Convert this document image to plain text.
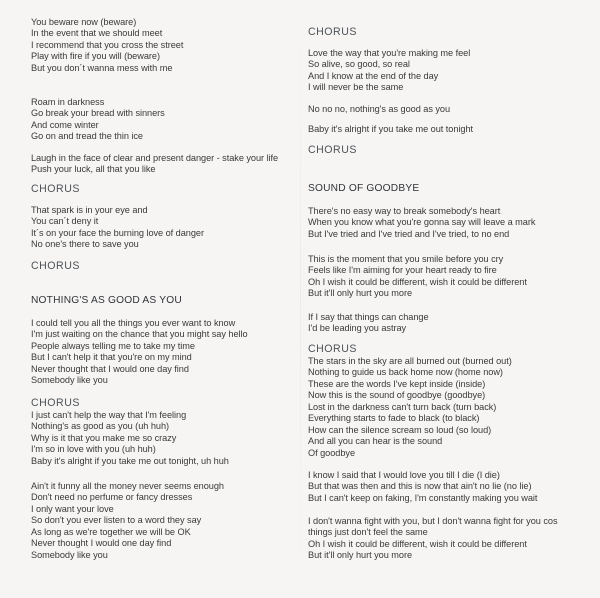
You beware now (beware)
In the event that we should meet
I recommend that you cross the street
Play with fire if you will (beware)
But you don´t wanna mess with me
Roam in darkness
Go break your bread with sinners
And come winter
Go on and tread the thin ice
Laugh in the face of clear and present danger - stake your life
Push your luck, all that you like
CHORUS
That spark is in your eye and
You can´t deny it
It´s on your face the burning love of danger
No one's there to save you
CHORUS
NOTHING'S AS GOOD AS YOU
I could tell you all the things you ever want to know
I'm just waiting on the chance that you might say hello
People always telling me to take my time
But I can't help it that you're on my mind
Never thought that I would one day find
Somebody like you
CHORUS
I just can't help the way that I'm feeling
Nothing's as good as you (uh huh)
Why is it that you make me so crazy
I'm so in love with you (uh huh)
Baby it's alright if you take me out tonight, uh huh
Ain't it funny all the money never seems enough
Don't need no perfume or fancy dresses
I only want your love
So don't you ever listen to a word they say
As long as we're together we will be OK
Never thought I would one day find
Somebody like you
CHORUS
Love the way that you're making me feel
So alive, so good, so real
And I know at the end of the day
I will never be the same
No no no, nothing's as good as you
Baby it's alright if you take me out tonight
CHORUS
SOUND OF GOODBYE
There's no easy way to break somebody's heart
When you know what you're gonna say will leave a mark
But I've tried and I've tried and I've tried, to no end
This is the moment that you smile before you cry
Feels like I'm aiming for your heart ready to fire
Oh I wish it could be different, wish it could be different
But it'll only hurt you more
If I say that things can change
I'd be leading you astray
CHORUS
The stars in the sky are all burned out (burned out)
Nothing to guide us back home now (home now)
These are the words I've kept inside (inside)
Now this is the sound of goodbye (goodbye)
Lost in the darkness can't turn back (turn back)
Everything starts to fade to black (to black)
How can the silence scream so loud (so loud)
And all you can hear is the sound
Of goodbye
I know I said that I would love you till I die (I die)
But that was then and this is now that ain't no lie (no lie)
But I can't keep on faking, I'm constantly making you wait
I don't wanna fight with you, but I don't wanna fight for you cos
things just don't feel the same
Oh I wish it could be different, wish it could be different
But it'll only hurt you more
